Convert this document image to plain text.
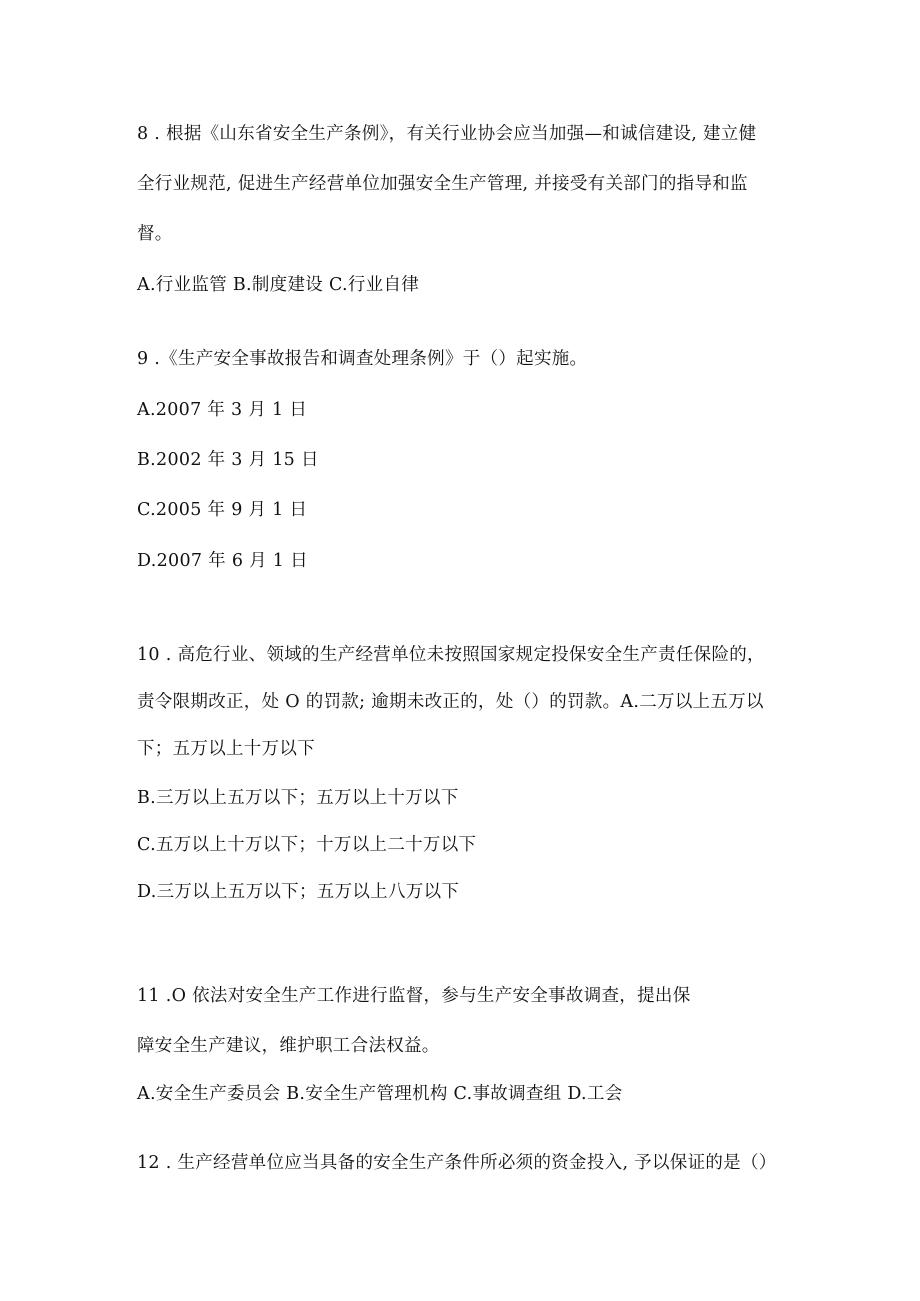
8 . 根据《山东省安全生产条例》，有关行业协会应当加强—和诚信建设, 建立健
全行业规范, 促进生产经营单位加强安全生产管理, 并接受有关部门的指导和监
督。
A.行业监管 B.制度建设 C.行业自律
9 .《生产安全事故报告和调查处理条例》于（）起实施。
A.2007 年 3 月 1 日
B.2002 年 3 月 15 日
C.2005 年 9 月 1 日
D.2007 年 6 月 1 日
10 . 高危行业、领域的生产经营单位未按照国家规定投保安全生产责任保险的，
责令限期改正，处 O 的罚款; 逾期未改正的，处（）的罚款。A.二万以上五万以
下；五万以上十万以下
B.三万以上五万以下；五万以上十万以下
C.五万以上十万以下；十万以上二十万以下
D.三万以上五万以下；五万以上八万以下
11 .O 依法对安全生产工作进行监督，参与生产安全事故调查，提出保
障安全生产建议，维护职工合法权益。
A.安全生产委员会 B.安全生产管理机构 C.事故调查组 D.工会
12 . 生产经营单位应当具备的安全生产条件所必须的资金投入, 予以保证的是（）
